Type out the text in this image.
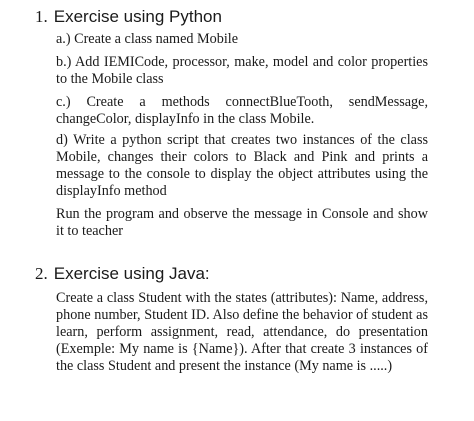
1. Exercise using Python

a.) Create a class named Mobile

b.) Add IEMICode, processor, make, model and color properties to the Mobile class

c.) Create a methods connectBlueTooth, sendMessage, changeColor, displayInfo in the class Mobile.

d) Write a python script that creates two instances of the class Mobile, changes their colors to Black and Pink and prints a message to the console to display the object attributes using the displayInfo method

Run the program and observe the message in Console and show it to teacher

2. Exercise using Java:

Create a class Student with the states (attributes): Name, address, phone number, Student ID. Also define the behavior of student as learn, perform assignment, read, attendance, do presentation (Exemple: My name is {Name}). After that create 3 instances of the class Student and present the instance (My name is .....)
